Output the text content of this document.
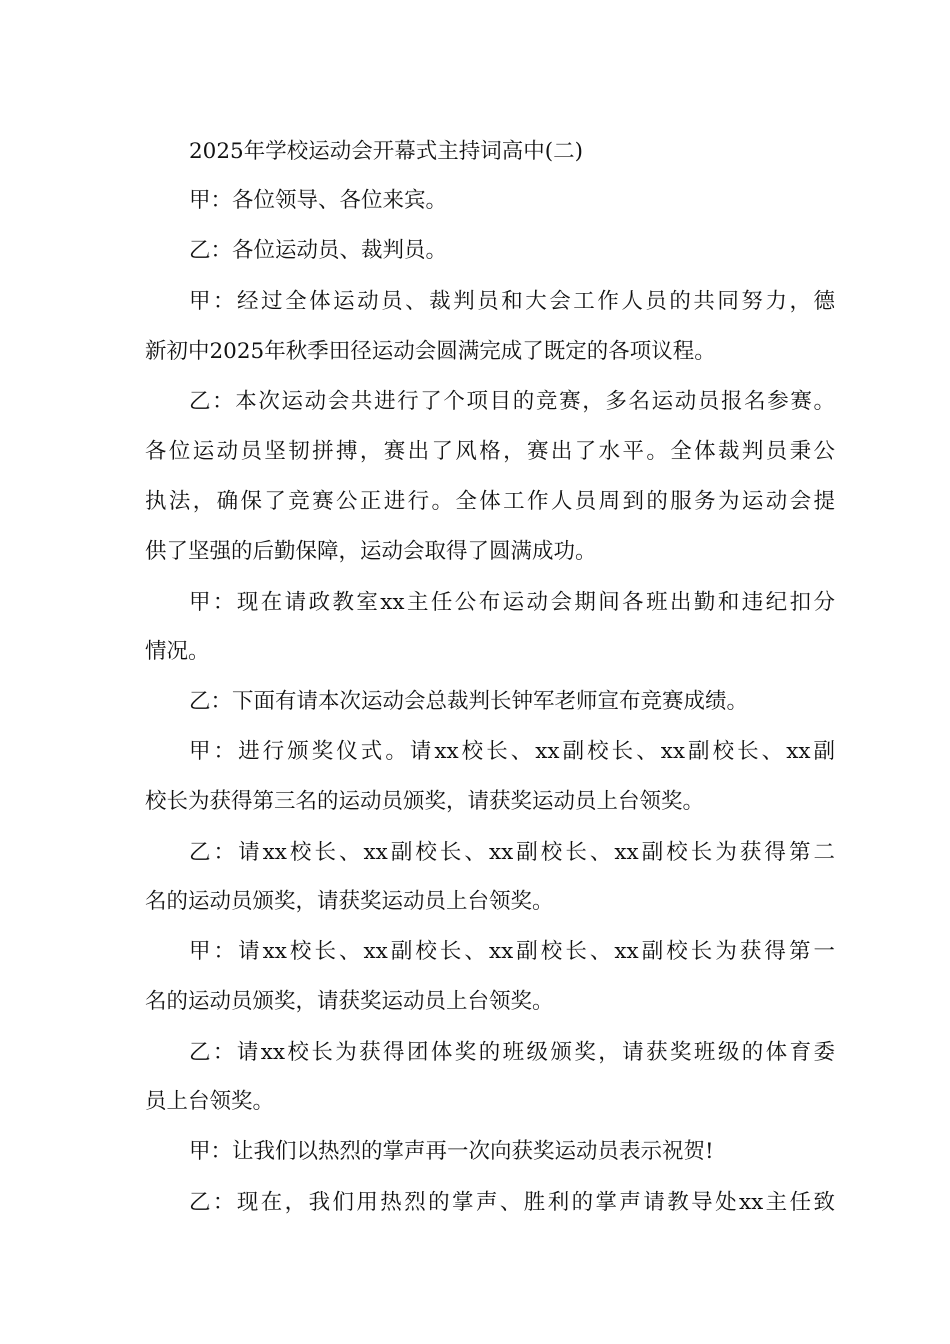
2025年学校运动会开幕式主持词高中(二)
甲：各位领导、各位来宾。
乙：各位运动员、裁判员。
甲：经过全体运动员、裁判员和大会工作人员的共同努力，德
新初中2025年秋季田径运动会圆满完成了既定的各项议程。
乙：本次运动会共进行了个项目的竞赛，多名运动员报名参赛。
各位运动员坚韧拼搏，赛出了风格，赛出了水平。全体裁判员秉公
执法，确保了竞赛公正进行。全体工作人员周到的服务为运动会提
供了坚强的后勤保障，运动会取得了圆满成功。
甲：现在请政教室xx主任公布运动会期间各班出勤和违纪扣分
情况。
乙：下面有请本次运动会总裁判长钟军老师宣布竞赛成绩。
甲：进行颁奖仪式。请xx校长、xx副校长、xx副校长、xx副
校长为获得第三名的运动员颁奖，请获奖运动员上台领奖。
乙：请xx校长、xx副校长、xx副校长、xx副校长为获得第二
名的运动员颁奖，请获奖运动员上台领奖。
甲：请xx校长、xx副校长、xx副校长、xx副校长为获得第一
名的运动员颁奖，请获奖运动员上台领奖。
乙：请xx校长为获得团体奖的班级颁奖，请获奖班级的体育委
员上台领奖。
甲：让我们以热烈的掌声再一次向获奖运动员表示祝贺!
乙：现在，我们用热烈的掌声、胜利的掌声请教导处xx主任致
